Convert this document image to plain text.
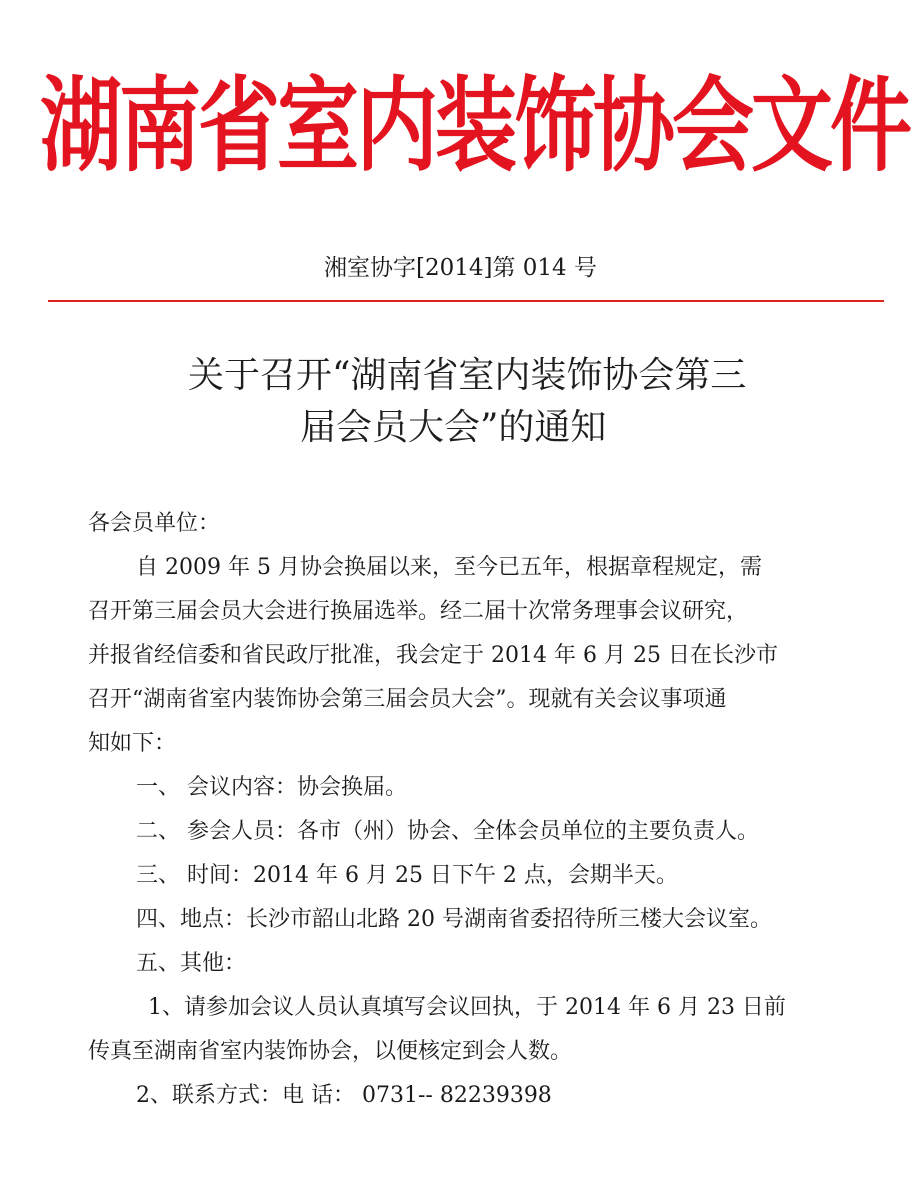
湖南省室内装饰协会文件
湘室协字[2014]第 014 号
关于召开“湖南省室内装饰协会第三
届会员大会”的通知

各会员单位：

自 2009 年 5 月协会换届以来，至今已五年，根据章程规定，需

召开第三届会员大会进行换届选举。经二届十次常务理事会议研究，

并报省经信委和省民政厅批准，我会定于 2014 年 6 月 25 日在长沙市

召开“湖南省室内装饰协会第三届会员大会”。现就有关会议事项通

知如下：

一、 会议内容：协会换届。

二、 参会人员：各市（州）协会、全体会员单位的主要负责人。

三、 时间：2014 年 6 月 25 日下午 2 点，会期半天。

四、地点：长沙市韶山北路 20 号湖南省委招待所三楼大会议室。

五、其他：

1、请参加会议人员认真填写会议回执，于 2014 年 6 月 23 日前

传真至湖南省室内装饰协会，以便核定到会人数。

2、联系方式：电 话： 0731-- 82239398
